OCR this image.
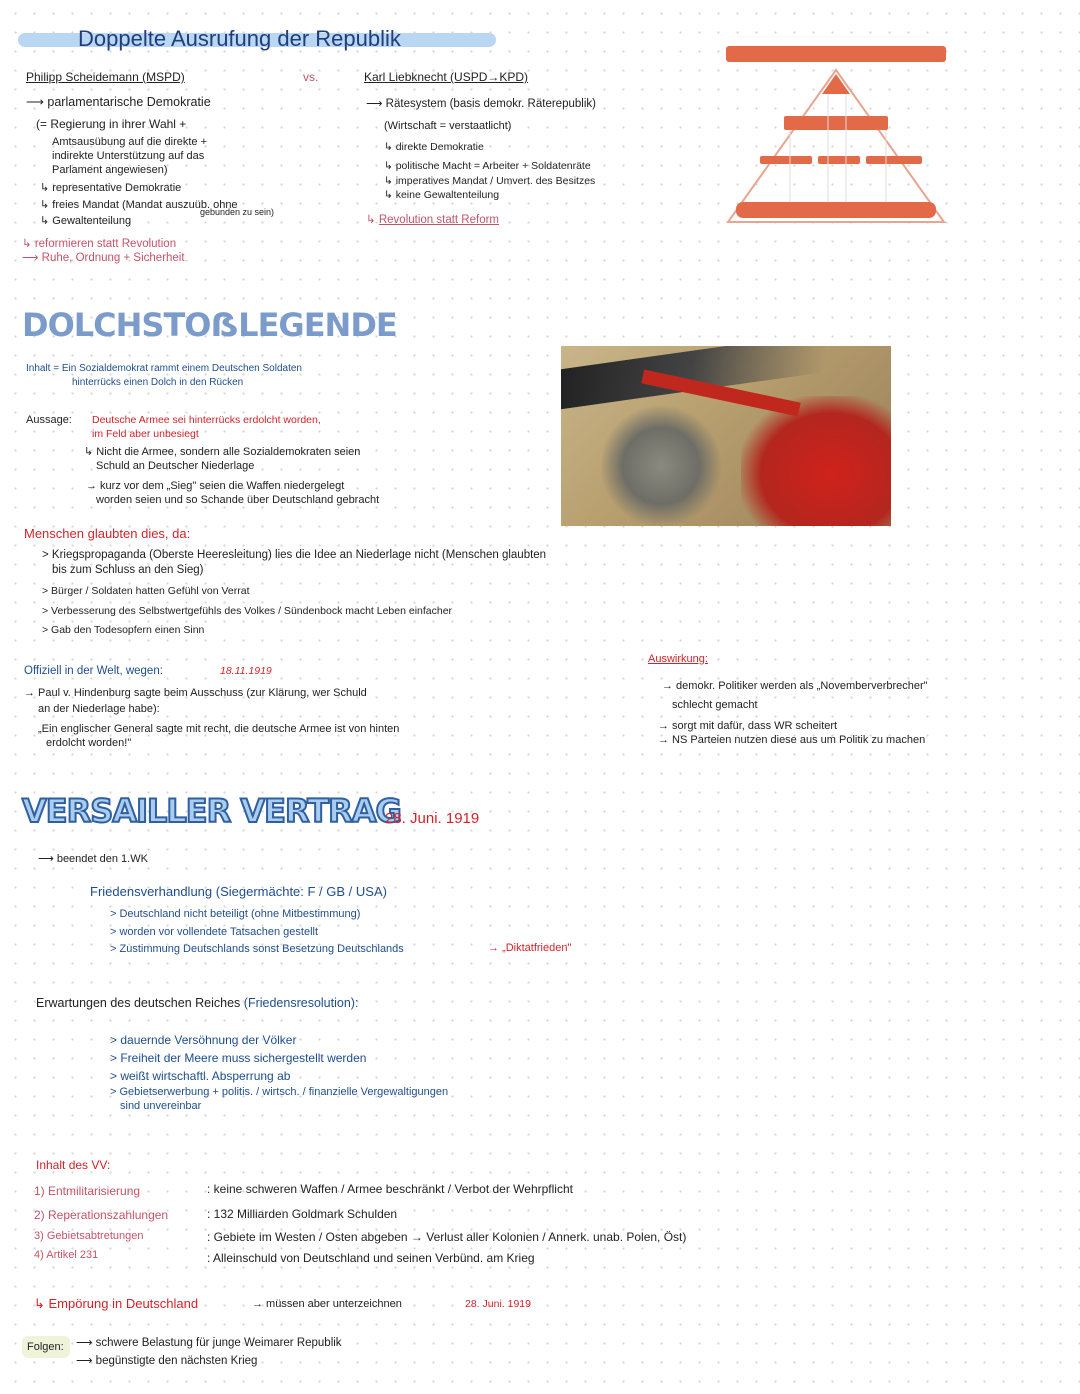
Doppelte Ausrufung der Republik
Philipp Scheidemann (MSPD)	vs.	Karl Liebknecht (USPD→KPD)
⟶ parlamentarische Demokratie
(= Regierung in ihrer Wahl +
Amtsausübung auf die direkte +
indirekte Unterstützung auf das
Parlament angewiesen)
↳ representative Demokratie
↳ freies Mandat (Mandat auszuüb. ohne
gebunden zu sein)
↳ Gewaltenteilung
↳ reformieren statt Revolution
⟶ Ruhe, Ordnung + Sicherheit
⟶ Rätesystem (basis demokr. Räterepublik)
(Wirtschaft = verstaatlicht)
↳ direkte Demokratie
↳ politische Macht = Arbeiter + Soldatenräte
↳ imperatives Mandat / Umvert. des Besitzes
↳ keine Gewaltenteilung
↳ Revolution statt Reform
DOLCHSTOẞLEGENDE
Inhalt = Ein Sozialdemokrat rammt einem Deutschen Soldaten
hinterrücks einen Dolch in den Rücken
Aussage: Deutsche Armee sei hinterrücks erdolcht worden,
im Feld aber unbesiegt
↳ Nicht die Armee, sondern alle Sozialdemokraten seien
Schuld an Deutscher Niederlage
→ kurz vor dem „Sieg" seien die Waffen niedergelegt
worden seien und so Schande über Deutschland gebracht
Menschen glaubten dies, da:
> Kriegspropaganda (Oberste Heeresleitung) lies die Idee an Niederlage nicht (Menschen glaubten
bis zum Schluss an den Sieg)
> Bürger / Soldaten hatten Gefühl von Verrat
> Verbesserung des Selbstwertgefühls des Volkes / Sündenbock macht Leben einfacher
> Gab den Todesopfern einen Sinn
Offiziell in der Welt, wegen:	18.11.1919
→ Paul v. Hindenburg sagte beim Ausschuss (zur Klärung, wer Schuld
an der Niederlage habe):
„Ein englischer General sagte mit recht, die deutsche Armee ist von hinten
erdolcht worden!"
Auswirkung:
→ demokr. Politiker werden als „Novemberverbrecher"
schlecht gemacht
→ sorgt mit dafür, dass WR scheitert
→ NS Parteien nutzen diese aus um Politik zu machen
VERSAILLER VERTRAG
28. Juni. 1919
⟶ beendet den 1.WK
Friedensverhandlung (Siegermächte: F / GB / USA)
> Deutschland nicht beteiligt (ohne Mitbestimmung)
> worden vor vollendete Tatsachen gestellt
> Zustimmung Deutschlands sonst Besetzung Deutschlands	→ „Diktatfrieden"
Erwartungen des deutschen Reiches (Friedensresolution):
> dauernde Versöhnung der Völker
> Freiheit der Meere muss sichergestellt werden
> weißt wirtschaftl. Absperrung ab
> Gebietserwerbung + politis. / wirtsch. / finanzielle Vergewaltigungen
sind unvereinbar
Inhalt des VV:
1) Entmilitarisierung	: keine schweren Waffen / Armee beschränkt / Verbot der Wehrpflicht
2) Reperationszahlungen	: 132 Milliarden Goldmark Schulden
3) Gebietsabtretungen	: Gebiete im Westen / Osten abgeben → Verlust aller Kolonien / Annerk. unab. Polen, Öst)
4) Artikel 231	: Alleinschuld von Deutschland und seinen Verbünd. am Krieg
↳ Empörung in Deutschland	→ müssen aber unterzeichnen	28. Juni. 1919
Folgen: ⟶ schwere Belastung für junge Weimarer Republik
⟶ begünstigte den nächsten Krieg
